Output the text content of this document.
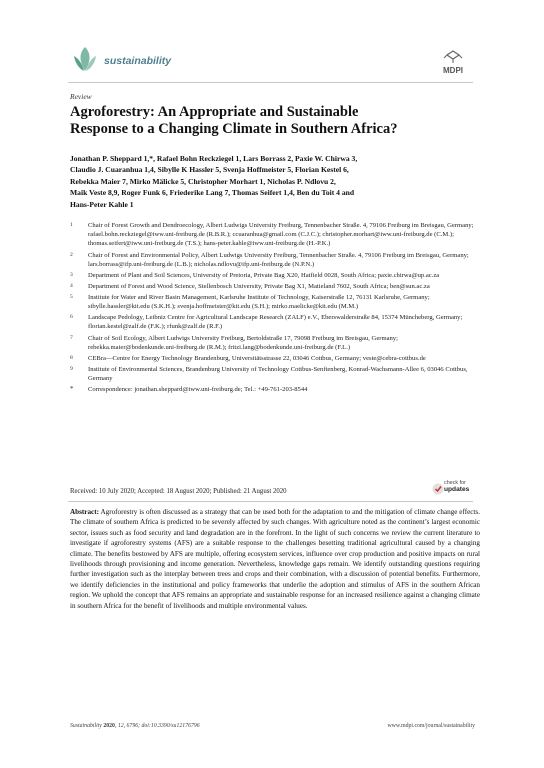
sustainability
MDPI
Review
Agroforestry: An Appropriate and Sustainable
Response to a Changing Climate in Southern Africa?
Jonathan P. Sheppard 1,*, Rafael Bohn Reckziegel 1, Lars Borrass 2, Paxie W. Chirwa 3,
Claudio J. Cuaranhua 1,4, Sibylle K Hassler 5, Svenja Hoffmeister 5, Florian Kestel 6,
Rebekka Maier 7, Mirko Mälicke 5, Christopher Morhart 1, Nicholas P. Ndlovu 2,
Maik Veste 8,9, Roger Funk 6, Friederike Lang 7, Thomas Seifert 1,4, Ben du Toit 4 and
Hans-Peter Kahle 1
1	Chair of Forest Growth and Dendroecology, Albert Ludwigs University Freiburg, Tennenbacher Straße. 4, 79106 Freiburg im Breisgau, Germany; rafael.bohn.reckziegel@iww.uni-freiburg.de (R.B.R.); ccuaranhua@gmail.com (C.J.C.); christopher.morhart@iww.uni-freiburg.de (C.M.); thomas.seifert@iww.uni-freiburg.de (T.S.); hans-peter.kahle@iww.uni-freiburg.de (H.-P.K.)
2	Chair of Forest and Environmental Policy, Albert Ludwigs University Freiburg, Tennenbacher Straße. 4, 79106 Freiburg im Breisgau, Germany; lars.borrass@ifp.uni-freiburg.de (L.B.); nicholas.ndlovu@ifp.uni-freiburg.de (N.P.N.)
3	Department of Plant and Soil Sciences, University of Pretoria, Private Bag X20, Hatfield 0028, South Africa; paxie.chirwa@up.ac.za
4	Department of Forest and Wood Science, Stellenbosch University, Private Bag X1, Matieland 7602, South Africa; ben@sun.ac.za
5	Institute for Water and River Basin Management, Karlsruhe Institute of Technology, Kaiserstraße 12, 76131 Karlsruhe, Germany; sibylle.hassler@kit.edu (S.K.H.); svenja.hoffmeister@kit.edu (S.H.); mirko.maelicke@kit.edu (M.M.)
6	Landscape Pedology, Leibniz Centre for Agricultural Landscape Research (ZALF) e.V., Eberswalderstraße 84, 15374 Müncheberg, Germany; florian.kestel@zalf.de (F.K.); rfunk@zalf.de (R.F.)
7	Chair of Soil Ecology, Albert Ludwigs University Freiburg, Bertoldstraße 17, 79098 Freiburg im Breisgau, Germany; rebekka.maier@bodenkunde.uni-freiburg.de (R.M.); fritzi.lang@bodenkunde.uni-freiburg.de (F.L.)
8	CEBra—Centre for Energy Technology Brandenburg, Universitätsstrasse 22, 03046 Cottbus, Germany; veste@cebra-cottbus.de
9	Institute of Environmental Sciences, Brandenburg University of Technology Cottbus-Senftenberg, Konrad-Wachsmann-Allee 6, 03046 Cottbus, Germany
*	Correspondence: jonathan.sheppard@iww.uni-freiburg.de; Tel.: +49-761-203-8544
check for
updates
Received: 10 July 2020; Accepted: 18 August 2020; Published: 21 August 2020
Abstract: Agroforestry is often discussed as a strategy that can be used both for the adaptation to and the mitigation of climate change effects. The climate of southern Africa is predicted to be severely affected by such changes. With agriculture noted as the continent’s largest economic sector, issues such as food security and land degradation are in the forefront. In the light of such concerns we review the current literature to investigate if agroforestry systems (AFS) are a suitable response to the challenges besetting traditional agricultural caused by a changing climate. The benefits bestowed by AFS are multiple, offering ecosystem services, influence over crop production and positive impacts on rural livelihoods through provisioning and income generation. Nevertheless, knowledge gaps remain. We identify outstanding questions requiring further investigation such as the interplay between trees and crops and their combination, with a discussion of potential benefits. Furthermore, we identify deficiencies in the institutional and policy frameworks that underlie the adoption and stimulus of AFS in the southern African region. We uphold the concept that AFS remains an appropriate and sustainable response for an increased resilience against a changing climate in southern Africa for the benefit of livelihoods and multiple environmental values.
Sustainability 2020, 12, 6796; doi:10.3390/su12176796	www.mdpi.com/journal/sustainability
